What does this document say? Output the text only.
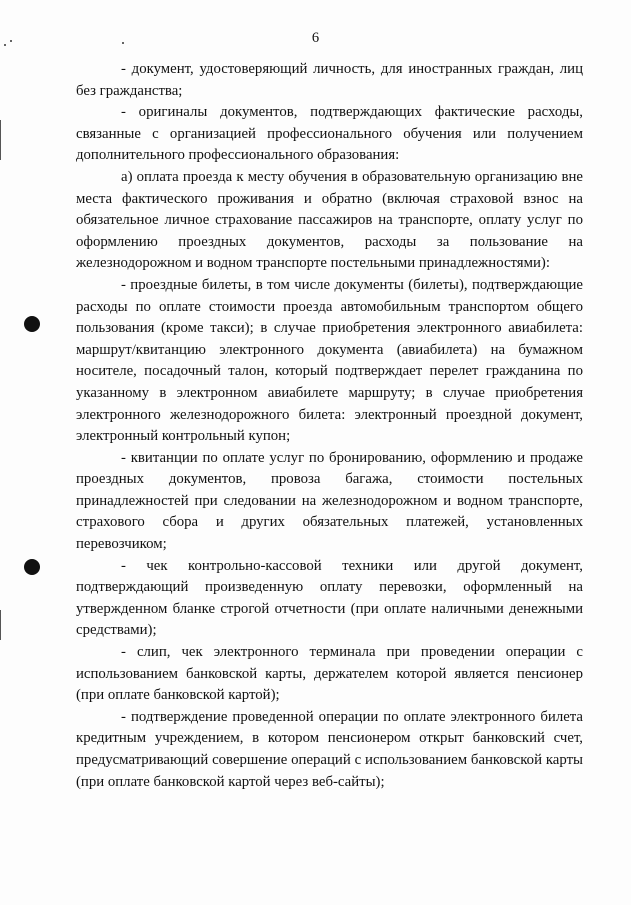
6

- документ, удостоверяющий личность, для иностранных граждан, лиц без гражданства;

- оригиналы документов, подтверждающих фактические расходы, связанные с организацией профессионального обучения или получением дополнительного профессионального образования:

а) оплата проезда к месту обучения в образовательную организацию вне места фактического проживания и обратно (включая страховой взнос на обязательное личное страхование пассажиров на транспорте, оплату услуг по оформлению проездных документов, расходы за пользование на железнодорожном и водном транспорте постельными принадлежностями):

- проездные билеты, в том числе документы (билеты), подтверждающие расходы по оплате стоимости проезда автомобильным транспортом общего пользования (кроме такси); в случае приобретения электронного авиабилета: маршрут/квитанцию электронного документа (авиабилета) на бумажном носителе, посадочный талон, который подтверждает перелет гражданина по указанному в электронном авиабилете маршруту; в случае приобретения электронного железнодорожного билета: электронный проездной документ, электронный контрольный купон;

- квитанции по оплате услуг по бронированию, оформлению и продаже проездных документов, провоза багажа, стоимости постельных принадлежностей при следовании на железнодорожном и водном транспорте, страхового сбора и других обязательных платежей, установленных перевозчиком;

- чек контрольно-кассовой техники или другой документ, подтверждающий произведенную оплату перевозки, оформленный на утвержденном бланке строгой отчетности (при оплате наличными денежными средствами);

- слип, чек электронного терминала при проведении операции с использованием банковской карты, держателем которой является пенсионер (при оплате банковской картой);

- подтверждение проведенной операции по оплате электронного билета кредитным учреждением, в котором пенсионером открыт банковский счет, предусматривающий совершение операций с использованием банковской карты (при оплате банковской картой через веб-сайты);
